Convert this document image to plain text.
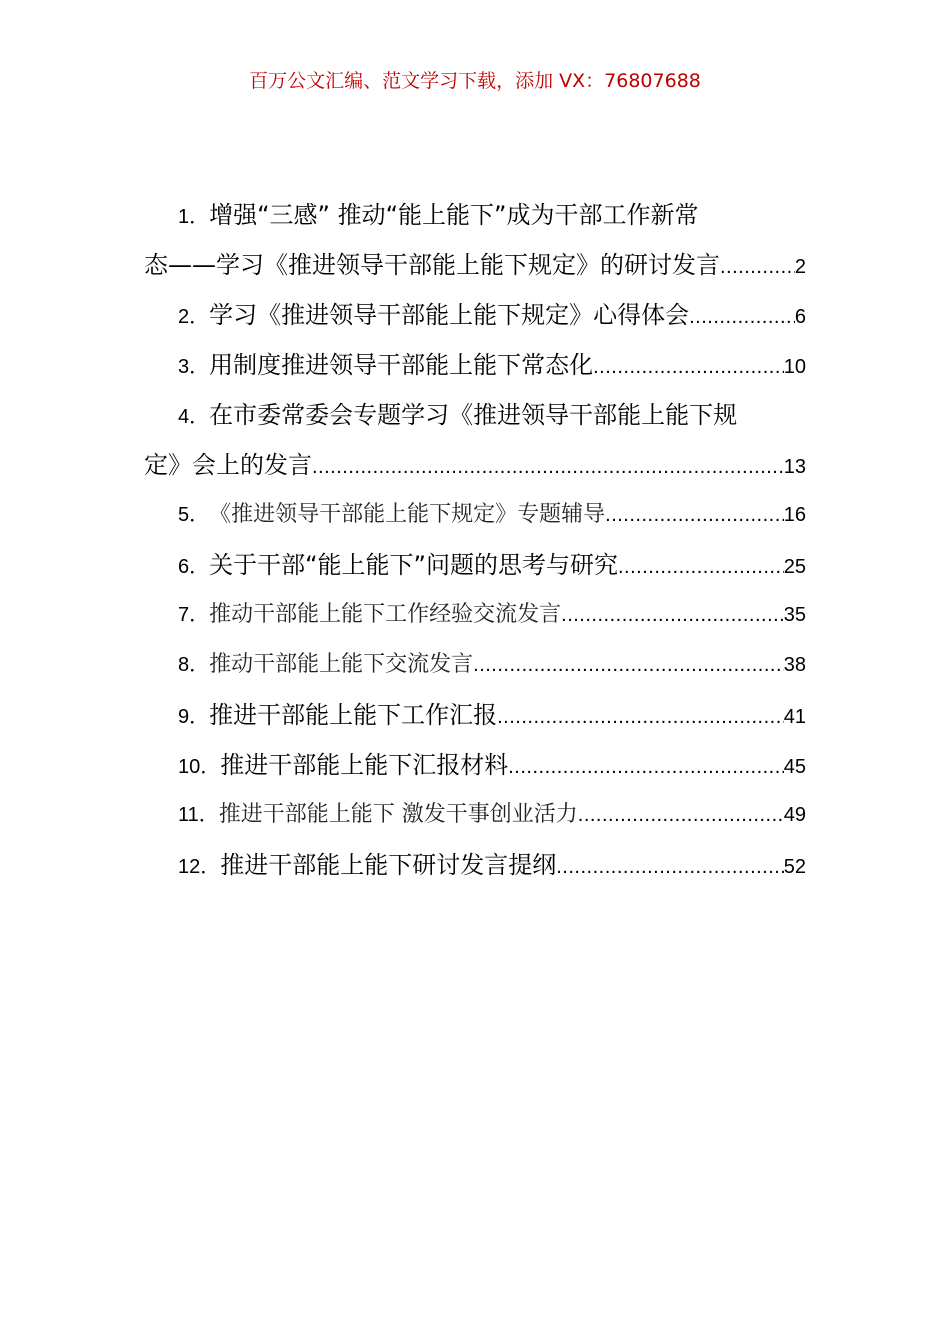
百万公文汇编、范文学习下载，添加 VX：76807688
1． 增强“三感” 推动“能上能下”成为干部工作新常
态——学习《推进领导干部能上能下规定》的研讨发言 .....	2
2． 学习《推进领导干部能上能下规定》心得体会 .....	6
3． 用制度推进领导干部能上能下常态化 .....	10
4． 在市委常委会专题学习《推进领导干部能上能下规
定》会上的发言 .....	13
5． 《推进领导干部能上能下规定》专题辅导 .....	16
6． 关于干部“能上能下”问题的思考与研究 .....	25
7． 推动干部能上能下工作经验交流发言 .....	35
8． 推动干部能上能下交流发言 .....	38
9． 推进干部能上能下工作汇报 .....	41
10． 推进干部能上能下汇报材料 .....	45
11． 推进干部能上能下 激发干事创业活力 .....	49
12． 推进干部能上能下研讨发言提纲 .....	52
